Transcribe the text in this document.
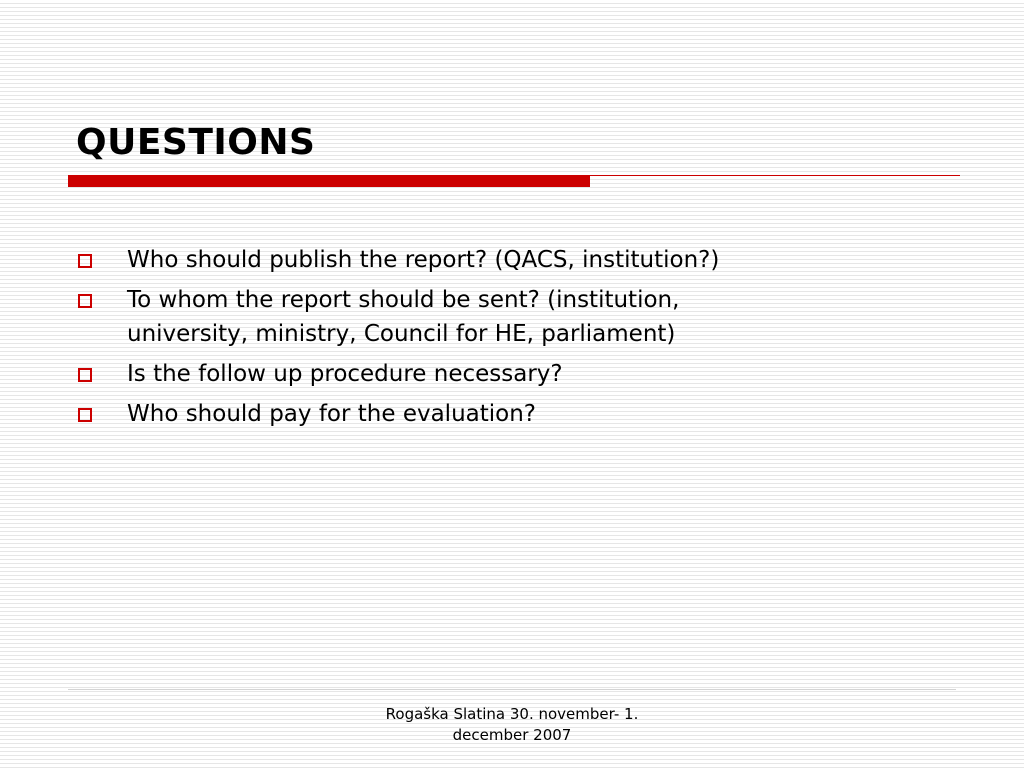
QUESTIONS
Who should publish the report? (QACS, institution?)
To whom the report should be sent? (institution,
university, ministry, Council for HE, parliament)
Is the follow up procedure necessary?
Who should pay for the evaluation?

Rogaška Slatina 30. november- 1.
december 2007
